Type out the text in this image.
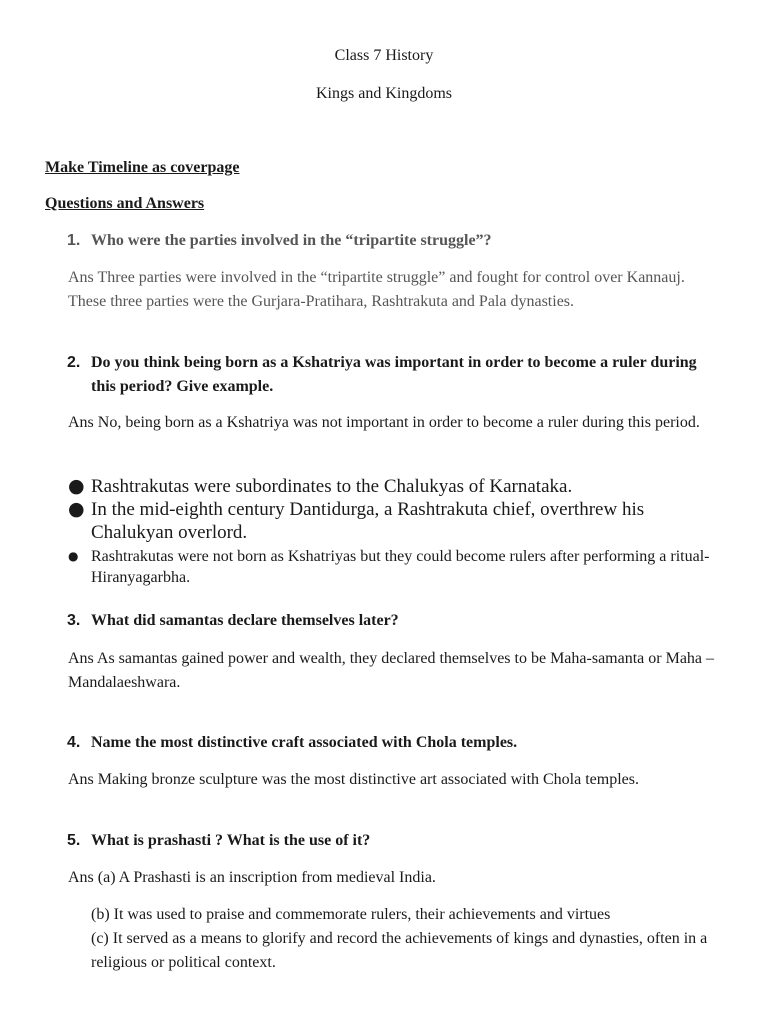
Class 7 History
Kings and Kingdoms
Make Timeline as coverpage
Questions and Answers
1. Who were the parties involved in the “tripartite struggle”?
Ans Three parties were involved in the “tripartite struggle” and fought for control over Kannauj. These three parties were the Gurjara-Pratihara, Rashtrakuta and Pala dynasties.
2. Do you think being born as a Kshatriya was important in order to become a ruler during this period? Give example.
Ans No, being born as a Kshatriya was not important in order to become a ruler during this period.
● Rashtrakutas were subordinates to the Chalukyas of Karnataka.
● In the mid-eighth century Dantidurga, a Rashtrakuta chief, overthrew his Chalukyan overlord.
● Rashtrakutas were not born as Kshatriyas but they could become rulers after performing a ritual-Hiranyagarbha.
3. What did samantas declare themselves later?
Ans As samantas gained power and wealth, they declared themselves to be Maha-samanta or Maha –Mandalaeshwara.
4. Name the most distinctive craft associated with Chola temples.
Ans Making bronze sculpture was the most distinctive art associated with Chola temples.
5. What is prashasti ? What is the use of it?
Ans (a) A Prashasti is an inscription from medieval India.
(b) It was used to praise and commemorate rulers, their achievements and virtues
(c) It served as a means to glorify and record the achievements of kings and dynasties, often in a religious or political context.
